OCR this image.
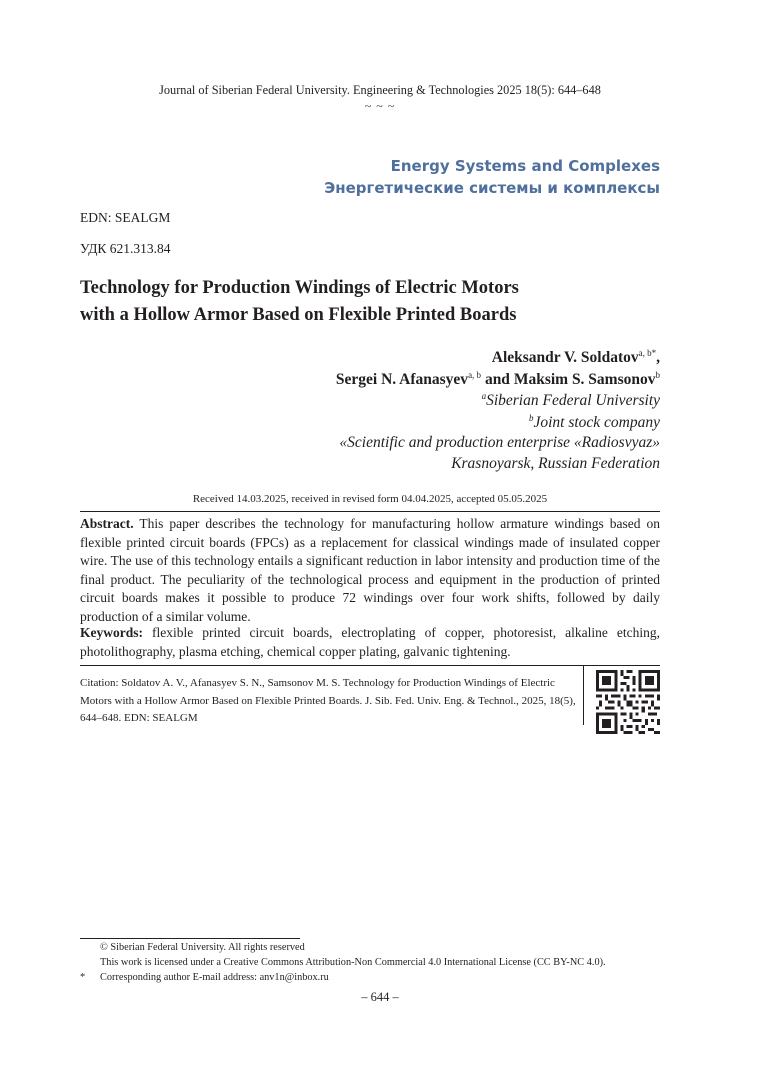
Journal of Siberian Federal University. Engineering & Technologies 2025 18(5): 644–648
~ ~ ~
Energy Systems and Complexes
Энергетические системы и комплексы
EDN: SEALGM
УДК 621.313.84
Technology for Production Windings of Electric Motors
with a Hollow Armor Based on Flexible Printed Boards
Aleksandr V. Soldatov$^{a, b*}$,
Sergei N. Afanasyev$^{a, b}$ and Maksim S. Samsonov$^b$
$^a$Siberian Federal University
$^b$Joint stock company
«Scientific and production enterprise «Radiosvyaz»
Krasnoyarsk, Russian Federation
Received 14.03.2025, received in revised form 04.04.2025, accepted 05.05.2025
Abstract. This paper describes the technology for manufacturing hollow armature windings based on flexible printed circuit boards (FPCs) as a replacement for classical windings made of insulated copper wire. The use of this technology entails a significant reduction in labor intensity and production time of the final product. The peculiarity of the technological process and equipment in the production of printed circuit boards makes it possible to produce 72 windings over four work shifts, followed by daily production of a similar volume.
Keywords: flexible printed circuit boards, electroplating of copper, photoresist, alkaline etching, photolithography, plasma etching, chemical copper plating, galvanic tightening.
Citation: Soldatov A. V., Afanasyev S. N., Samsonov M. S. Technology for Production Windings of Electric Motors with a Hollow Armor Based on Flexible Printed Boards. J. Sib. Fed. Univ. Eng. & Technol., 2025, 18(5), 644–648. EDN: SEALGM
© Siberian Federal University. All rights reserved
This work is licensed under a Creative Commons Attribution-Non Commercial 4.0 International License (CC BY-NC 4.0).
* Corresponding author E-mail address: anv1n@inbox.ru
– 644 –
